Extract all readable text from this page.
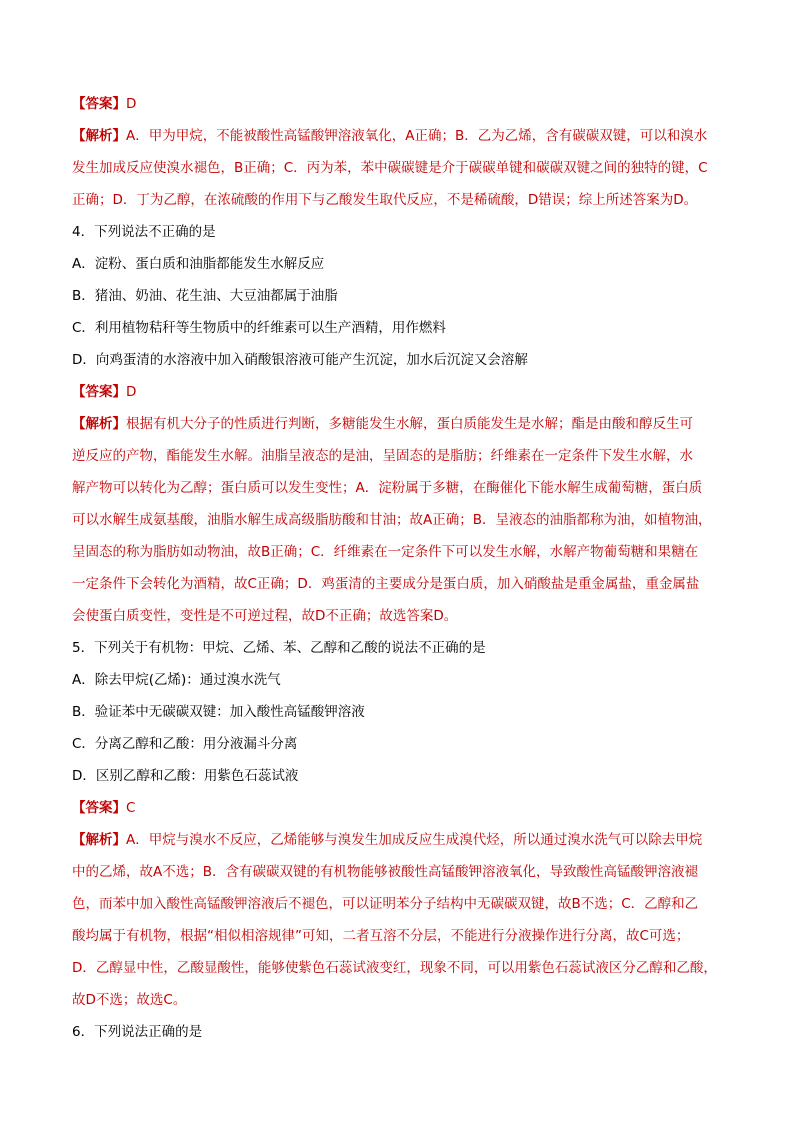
【答案】D
【解析】A．甲为甲烷，不能被酸性高锰酸钾溶液氧化，A正确；B．乙为乙烯，含有碳碳双键，可以和溴水
发生加成反应使溴水褪色，B正确；C．丙为苯，苯中碳碳键是介于碳碳单键和碳碳双键之间的独特的键，C
正确；D．丁为乙醇，在浓硫酸的作用下与乙酸发生取代反应，不是稀硫酸，D错误；综上所述答案为D。
4．下列说法不正确的是
A．淀粉、蛋白质和油脂都能发生水解反应
B．猪油、奶油、花生油、大豆油都属于油脂
C．利用植物秸秆等生物质中的纤维素可以生产酒精，用作燃料
D．向鸡蛋清的水溶液中加入硝酸银溶液可能产生沉淀，加水后沉淀又会溶解
【答案】D
【解析】根据有机大分子的性质进行判断，多糖能发生水解，蛋白质能发生是水解；酯是由酸和醇反生可
逆反应的产物，酯能发生水解。油脂呈液态的是油，呈固态的是脂肪；纤维素在一定条件下发生水解，水
解产物可以转化为乙醇；蛋白质可以发生变性；A．淀粉属于多糖，在酶催化下能水解生成葡萄糖，蛋白质
可以水解生成氨基酸，油脂水解生成高级脂肪酸和甘油；故A正确；B．呈液态的油脂都称为油，如植物油，
呈固态的称为脂肪如动物油，故B正确；C．纤维素在一定条件下可以发生水解，水解产物葡萄糖和果糖在
一定条件下会转化为酒精，故C正确；D．鸡蛋清的主要成分是蛋白质，加入硝酸盐是重金属盐，重金属盐
会使蛋白质变性，变性是不可逆过程，故D不正确；故选答案D。
5．下列关于有机物：甲烷、乙烯、苯、乙醇和乙酸的说法不正确的是
A．除去甲烷(乙烯)：通过溴水洗气
B．验证苯中无碳碳双键：加入酸性高锰酸钾溶液
C．分离乙醇和乙酸：用分液漏斗分离
D．区别乙醇和乙酸：用紫色石蕊试液
【答案】C
【解析】A．甲烷与溴水不反应，乙烯能够与溴发生加成反应生成溴代烃，所以通过溴水洗气可以除去甲烷
中的乙烯，故A不选；B．含有碳碳双键的有机物能够被酸性高锰酸钾溶液氧化，导致酸性高锰酸钾溶液褪
色，而苯中加入酸性高锰酸钾溶液后不褪色，可以证明苯分子结构中无碳碳双键，故B不选；C．乙醇和乙
酸均属于有机物，根据“相似相溶规律”可知，二者互溶不分层，不能进行分液操作进行分离，故C可选；
D．乙醇显中性，乙酸显酸性，能够使紫色石蕊试液变红，现象不同，可以用紫色石蕊试液区分乙醇和乙酸，
故D不选；故选C。
6．下列说法正确的是
